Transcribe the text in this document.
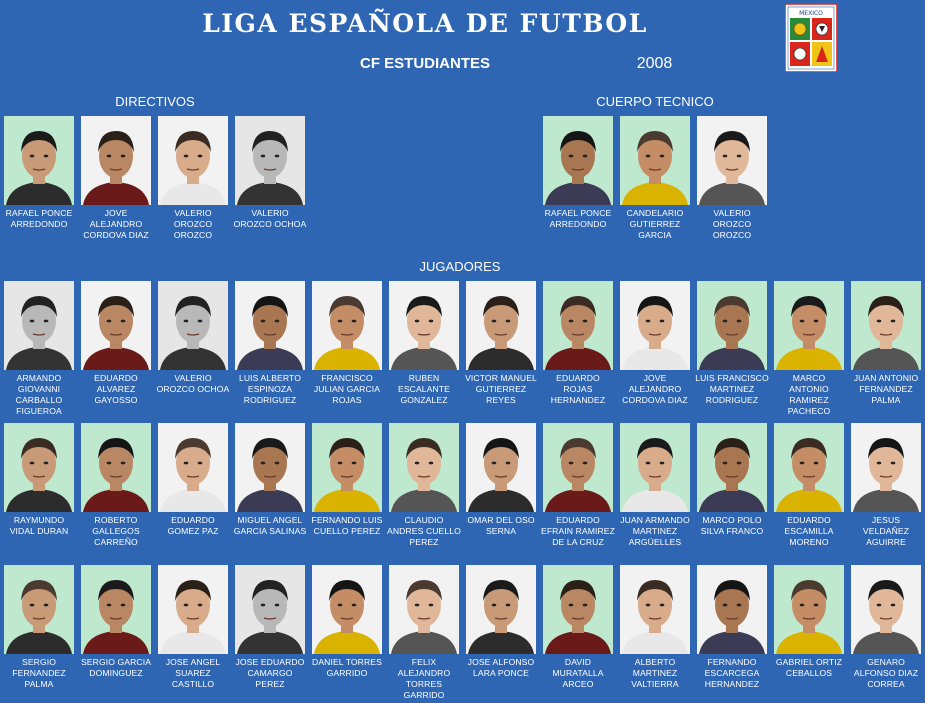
LIGA ESPAÑOLA DE FUTBOL
CF ESTUDIANTES	2008
MEXICO
DIRECTIVOS	CUERPO TECNICO
JUGADORES
RAFAEL PONCE ARREDONDO
JOVE ALEJANDRO CORDOVA DIAZ
VALERIO OROZCO OROZCO
VALERIO OROZCO OCHOA
RAFAEL PONCE ARREDONDO
CANDELARIO GUTIERREZ GARCIA
VALERIO OROZCO OROZCO
ARMANDO GIOVANNI CARBALLO FIGUEROA
EDUARDO ALVAREZ GAYOSSO
VALERIO OROZCO OCHOA
LUIS ALBERTO ESPINOZA RODRIGUEZ
FRANCISCO JULIAN GARCIA ROJAS
RUBEN ESCALANTE GONZALEZ
VICTOR MANUEL GUTIERREZ REYES
EDUARDO ROJAS HERNANDEZ
JOVE ALEJANDRO CORDOVA DIAZ
LUIS FRANCISCO MARTINEZ RODRIGUEZ
MARCO ANTONIO RAMIREZ PACHECO
JUAN ANTONIO FERNANDEZ PALMA
RAYMUNDO VIDAL DURAN
ROBERTO GALLEGOS CARREÑO
EDUARDO GOMEZ PAZ
MIGUEL ANGEL GARCIA SALINAS
FERNANDO LUIS CUELLO PEREZ
CLAUDIO ANDRES CUELLO PEREZ
OMAR DEL OSO SERNA
EDUARDO EFRAIN RAMIREZ DE LA CRUZ
JUAN ARMANDO MARTINEZ ARGÜELLES
MARCO POLO SILVA FRANCO
EDUARDO ESCAMILLA MORENO
JESUS VELDAÑEZ AGUIRRE
SERGIO FERNANDEZ PALMA
SERGIO GARCIA DOMINGUEZ
JOSE ANGEL SUAREZ CASTILLO
JOSE EDUARDO CAMARGO PEREZ
DANIEL TORRES GARRIDO
FELIX ALEJANDRO TORRES GARRIDO
JOSE ALFONSO LARA PONCE
DAVID MURATALLA ARCEO
ALBERTO MARTINEZ VALTIERRA
FERNANDO ESCARCEGA HERNANDEZ
GABRIEL ORTIZ CEBALLOS
GENARO ALFONSO DIAZ CORREA
